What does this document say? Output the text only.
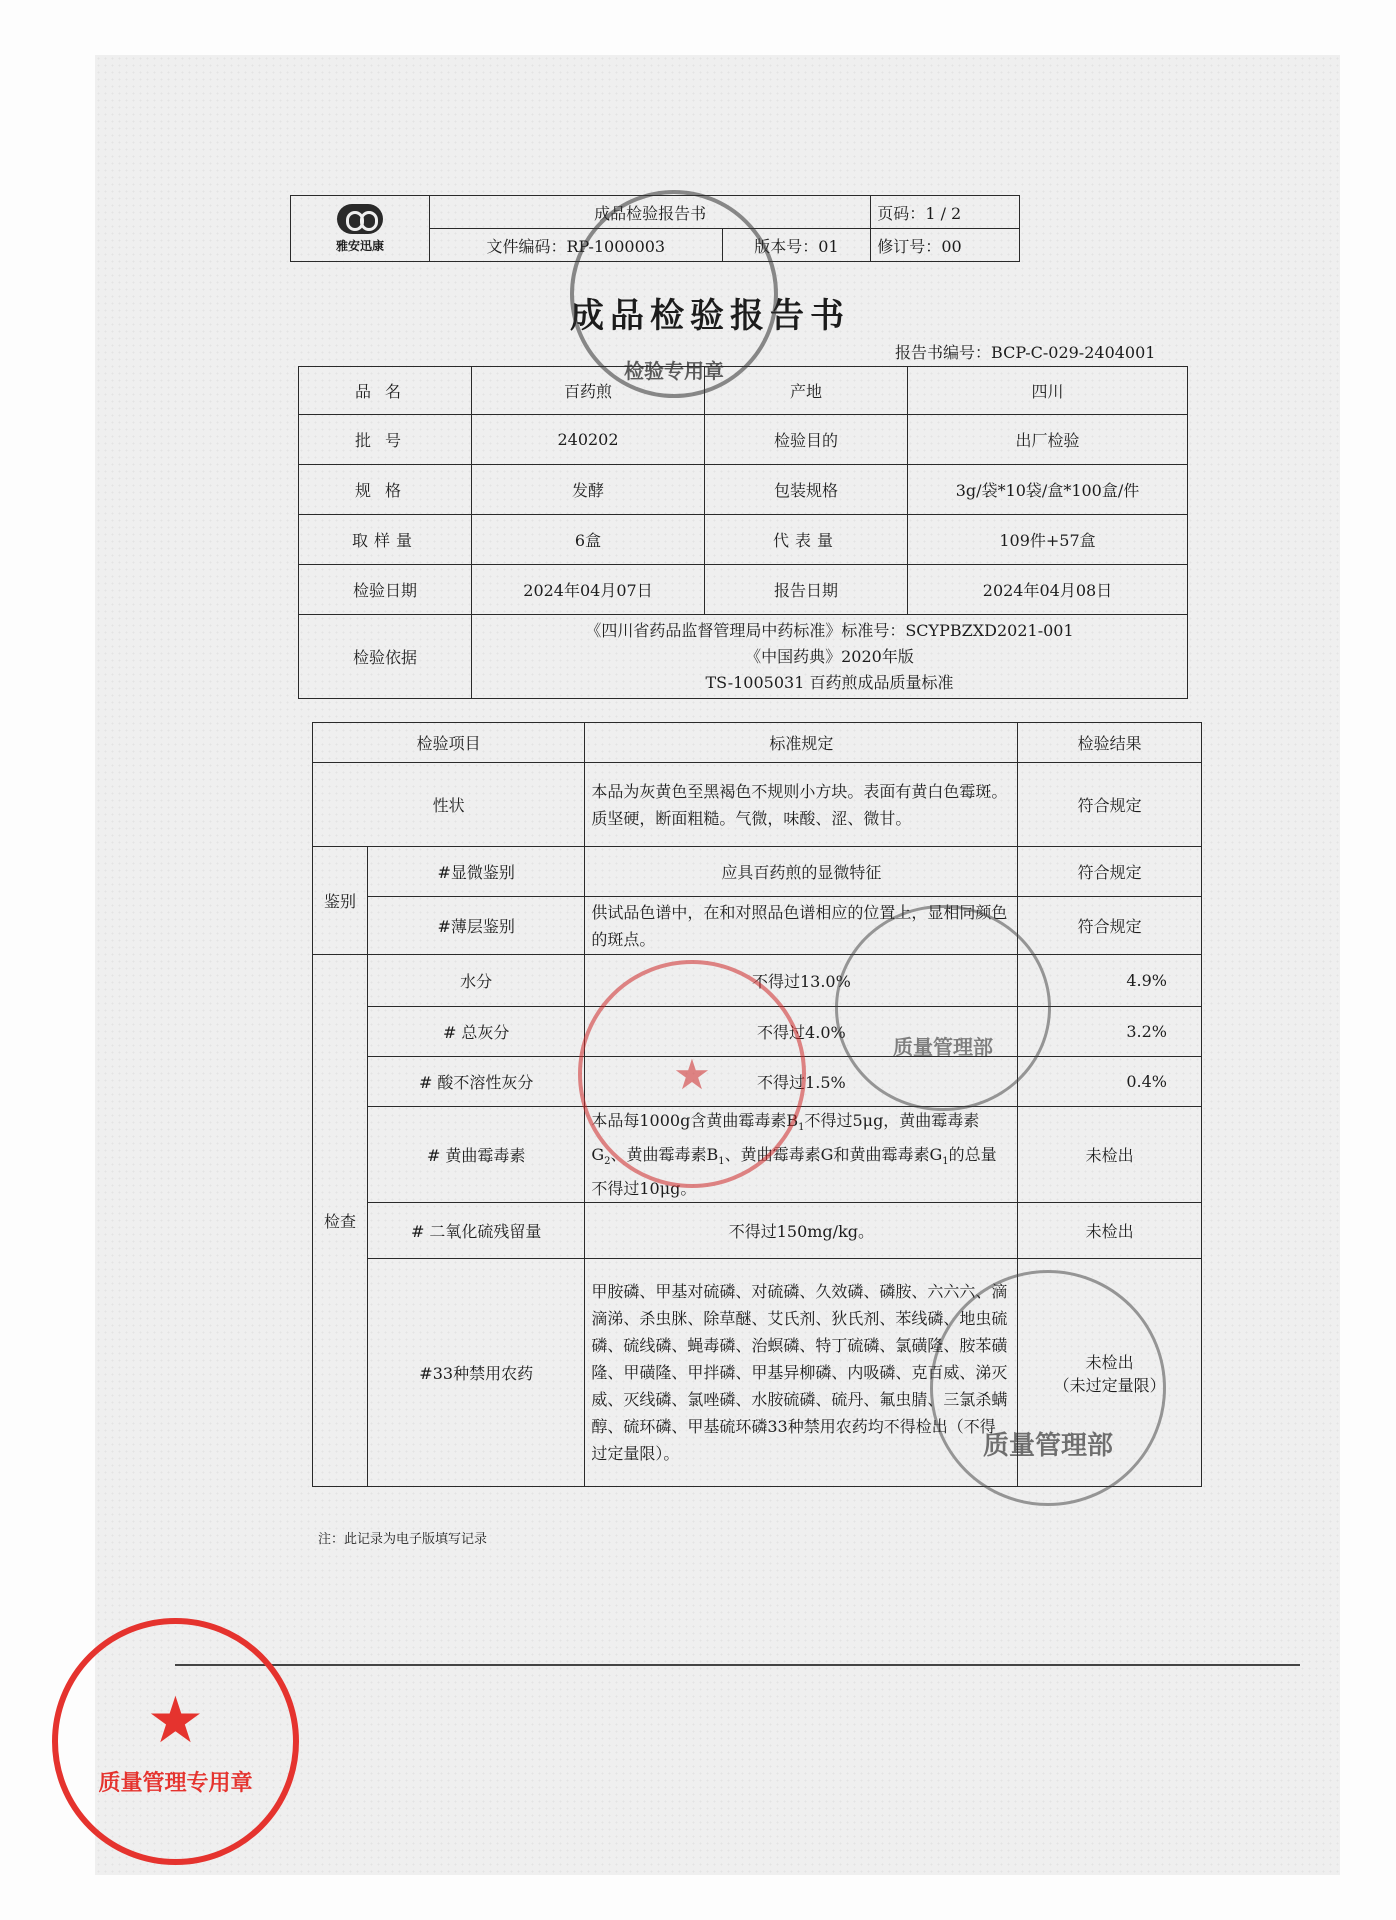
雅安迅康	成品检验报告书		页码：1 / 2
	文件编码：RP-1000003	版本号：01	修订号：00
成品检验报告书
报告书编号：BCP-C-029-2404001
品名	百药煎	产地	四川
批号	240202	检验目的	出厂检验
规格	发酵	包装规格	3g/袋*10袋/盒*100盒/件
取样量	6盒	代表量	109件+57盒
检验日期	2024年04月07日	报告日期	2024年04月08日
检验依据	《四川省药品监督管理局中药标准》标准号：SCYPBZXD2021-001
《中国药典》2020年版
TS-1005031 百药煎成品质量标准		
检验项目		标准规定	检验结果
性状		本品为灰黄色至黑褐色不规则小方块。表面有黄白色霉斑。质坚硬，断面粗糙。气微，味酸、涩、微甘。	符合规定
鉴别	#显微鉴别	应具百药煎的显微特征	符合规定
	#薄层鉴别	供试品色谱中，在和对照品色谱相应的位置上，显相同颜色的斑点。	符合规定
检查	水分	不得过13.0%	4.9%
	# 总灰分	不得过4.0%	3.2%
	# 酸不溶性灰分	不得过1.5%	0.4%
	# 黄曲霉毒素	本品每1000g含黄曲霉毒素$B_1$不得过5μg，黄曲霉毒素$G_2$、黄曲霉毒素$B_1$、黄曲霉毒素G和黄曲霉毒素$G_1$的总量不得过10μg。	未检出
	# 二氧化硫残留量	不得过150mg/kg。	未检出
	#33种禁用农药	甲胺磷、甲基对硫磷、对硫磷、久效磷、磷胺、六六六、滴滴涕、杀虫脒、除草醚、艾氏剂、狄氏剂、苯线磷、地虫硫磷、硫线磷、蝇毒磷、治螟磷、特丁硫磷、氯磺隆、胺苯磺隆、甲磺隆、甲拌磷、甲基异柳磷、内吸磷、克百威、涕灭威、灭线磷、氯唑磷、水胺硫磷、硫丹、氟虫腈、三氯杀螨醇、硫环磷、甲基硫环磷33种禁用农药均不得检出（不得过定量限）。	未检出
（未过定量限）
注：此记录为电子版填写记录
检验专用章
★
质量管理部
质量管理部
★
质量管理专用章
